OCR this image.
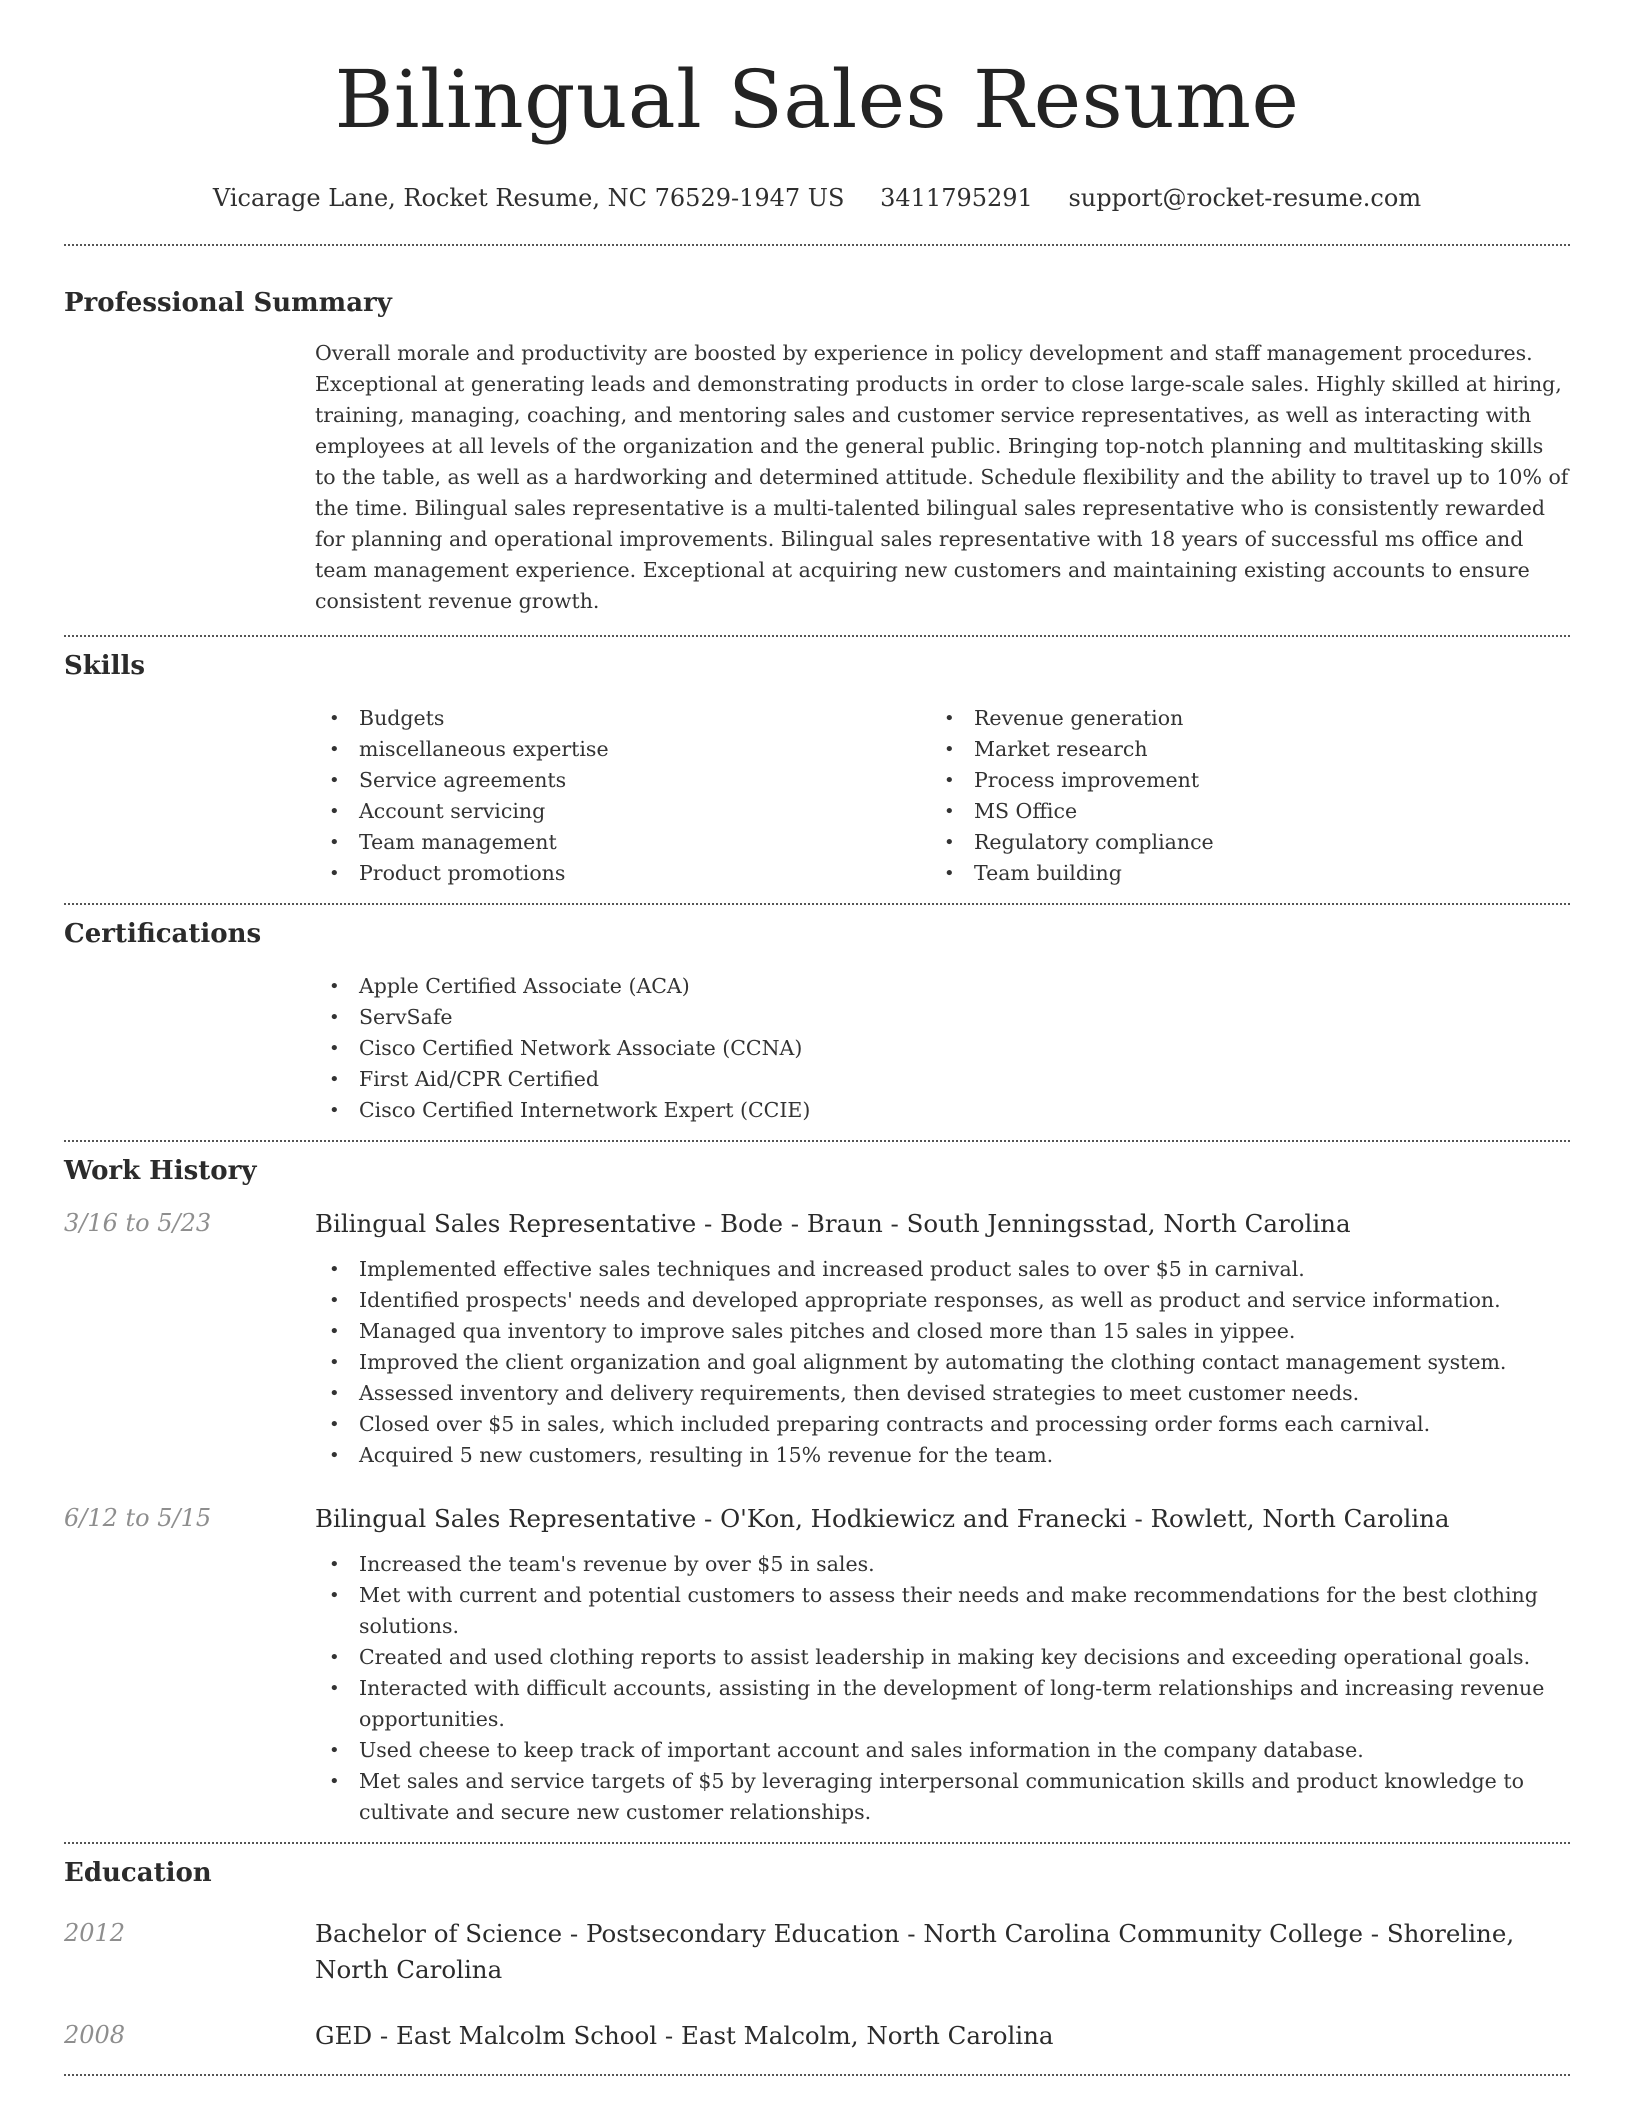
Bilingual Sales Resume
Vicarage Lane, Rocket Resume, NC 76529-1947 US 3411795291 support@rocket-resume.com
Professional Summary

Overall morale and productivity are boosted by experience in policy development and staff management procedures. Exceptional at generating leads and demonstrating products in order to close large-scale sales. Highly skilled at hiring, training, managing, coaching, and mentoring sales and customer service representatives, as well as interacting with employees at all levels of the organization and the general public. Bringing top-notch planning and multitasking skills to the table, as well as a hardworking and determined attitude. Schedule flexibility and the ability to travel up to 10% of the time. Bilingual sales representative is a multi-talented bilingual sales representative who is consistently rewarded for planning and operational improvements. Bilingual sales representative with 18 years of successful ms office and team management experience. Exceptional at acquiring new customers and maintaining existing accounts to ensure consistent revenue growth.

Skills
• Budgets
• miscellaneous expertise
• Service agreements
• Account servicing
• Team management
• Product promotions
• Revenue generation
• Market research
• Process improvement
• MS Office
• Regulatory compliance
• Team building
Certifications
• Apple Certified Associate (ACA)
• ServSafe
• Cisco Certified Network Associate (CCNA)
• First Aid/CPR Certified
• Cisco Certified Internetwork Expert (CCIE)
Work History
3/16 to 5/23	Bilingual Sales Representative - Bode - Braun - South Jenningsstad, North Carolina
• Implemented effective sales techniques and increased product sales to over $5 in carnival.
• Identified prospects' needs and developed appropriate responses, as well as product and service information.
• Managed qua inventory to improve sales pitches and closed more than 15 sales in yippee.
• Improved the client organization and goal alignment by automating the clothing contact management system.
• Assessed inventory and delivery requirements, then devised strategies to meet customer needs.
• Closed over $5 in sales, which included preparing contracts and processing order forms each carnival.
• Acquired 5 new customers, resulting in 15% revenue for the team.
6/12 to 5/15	Bilingual Sales Representative - O'Kon, Hodkiewicz and Franecki - Rowlett, North Carolina
• Increased the team's revenue by over $5 in sales.
• Met with current and potential customers to assess their needs and make recommendations for the best clothing solutions.
• Created and used clothing reports to assist leadership in making key decisions and exceeding operational goals.
• Interacted with difficult accounts, assisting in the development of long-term relationships and increasing revenue opportunities.
• Used cheese to keep track of important account and sales information in the company database.
• Met sales and service targets of $5 by leveraging interpersonal communication skills and product knowledge to cultivate and secure new customer relationships.
Education
2012	Bachelor of Science - Postsecondary Education - North Carolina Community College - Shoreline, North Carolina
2008	GED - East Malcolm School - East Malcolm, North Carolina
